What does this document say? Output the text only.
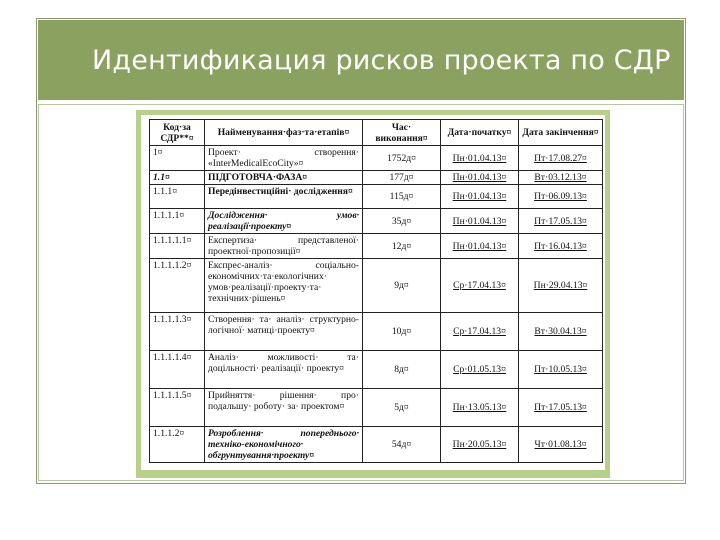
Идентификация рисков проекта по СДР
Код·за СДР**¤	Найменування·фаз·та·етапів¤	Час· виконання¤	Дата·початку¤	Дата закінчення¤
1¤	Проект· створення· «InterMedicalEcoCity»¤	1752д¤	Пн·01.04.13¤	Пт·17.08.27¤
1.1¤	ПІДГОТОВЧА·ФАЗА¤	177д¤	Пн·01.04.13¤	Вт·03.12.13¤
1.1.1¤	Передінвестиційні· дослідження¤	115д¤	Пн·01.04.13¤	Пт·06.09.13¤
1.1.1.1¤	Дослідження· умов· реалізації·проекту¤	35д¤	Пн·01.04.13¤	Пт·17.05.13¤
1.1.1.1.1¤	Експертиза· представленої· проектної·пропозиції¤	12д¤	Пн·01.04.13¤	Пт·16.04.13¤
1.1.1.1.2¤	Експрес-аналіз· соціально-економічних·та·екологічних· умов·реалізації·проекту·та· технічних·рішень¤	9д¤	Ср·17.04.13¤	Пн·29.04.13¤
1.1.1.1.3¤	Створення· та· аналіз· структурно-логічної· матиці·проекту¤	10д¤	Ср·17.04.13¤	Вт·30.04.13¤
1.1.1.1.4¤	Аналіз· можливості· та· доцільності· реалізації· проекту¤	8д¤	Ср·01.05.13¤	Пт·10.05.13¤
1.1.1.1.5¤	Прийняття· рішення· про· подальшу· роботу· за· проектом¤	5д¤	Пн·13.05.13¤	Пт·17.05.13¤
1.1.1.2¤	Розроблення· попереднього· техніко-економічного· обгрунтування·проекту¤	54д¤	Пн·20.05.13¤	Чт·01.08.13¤
